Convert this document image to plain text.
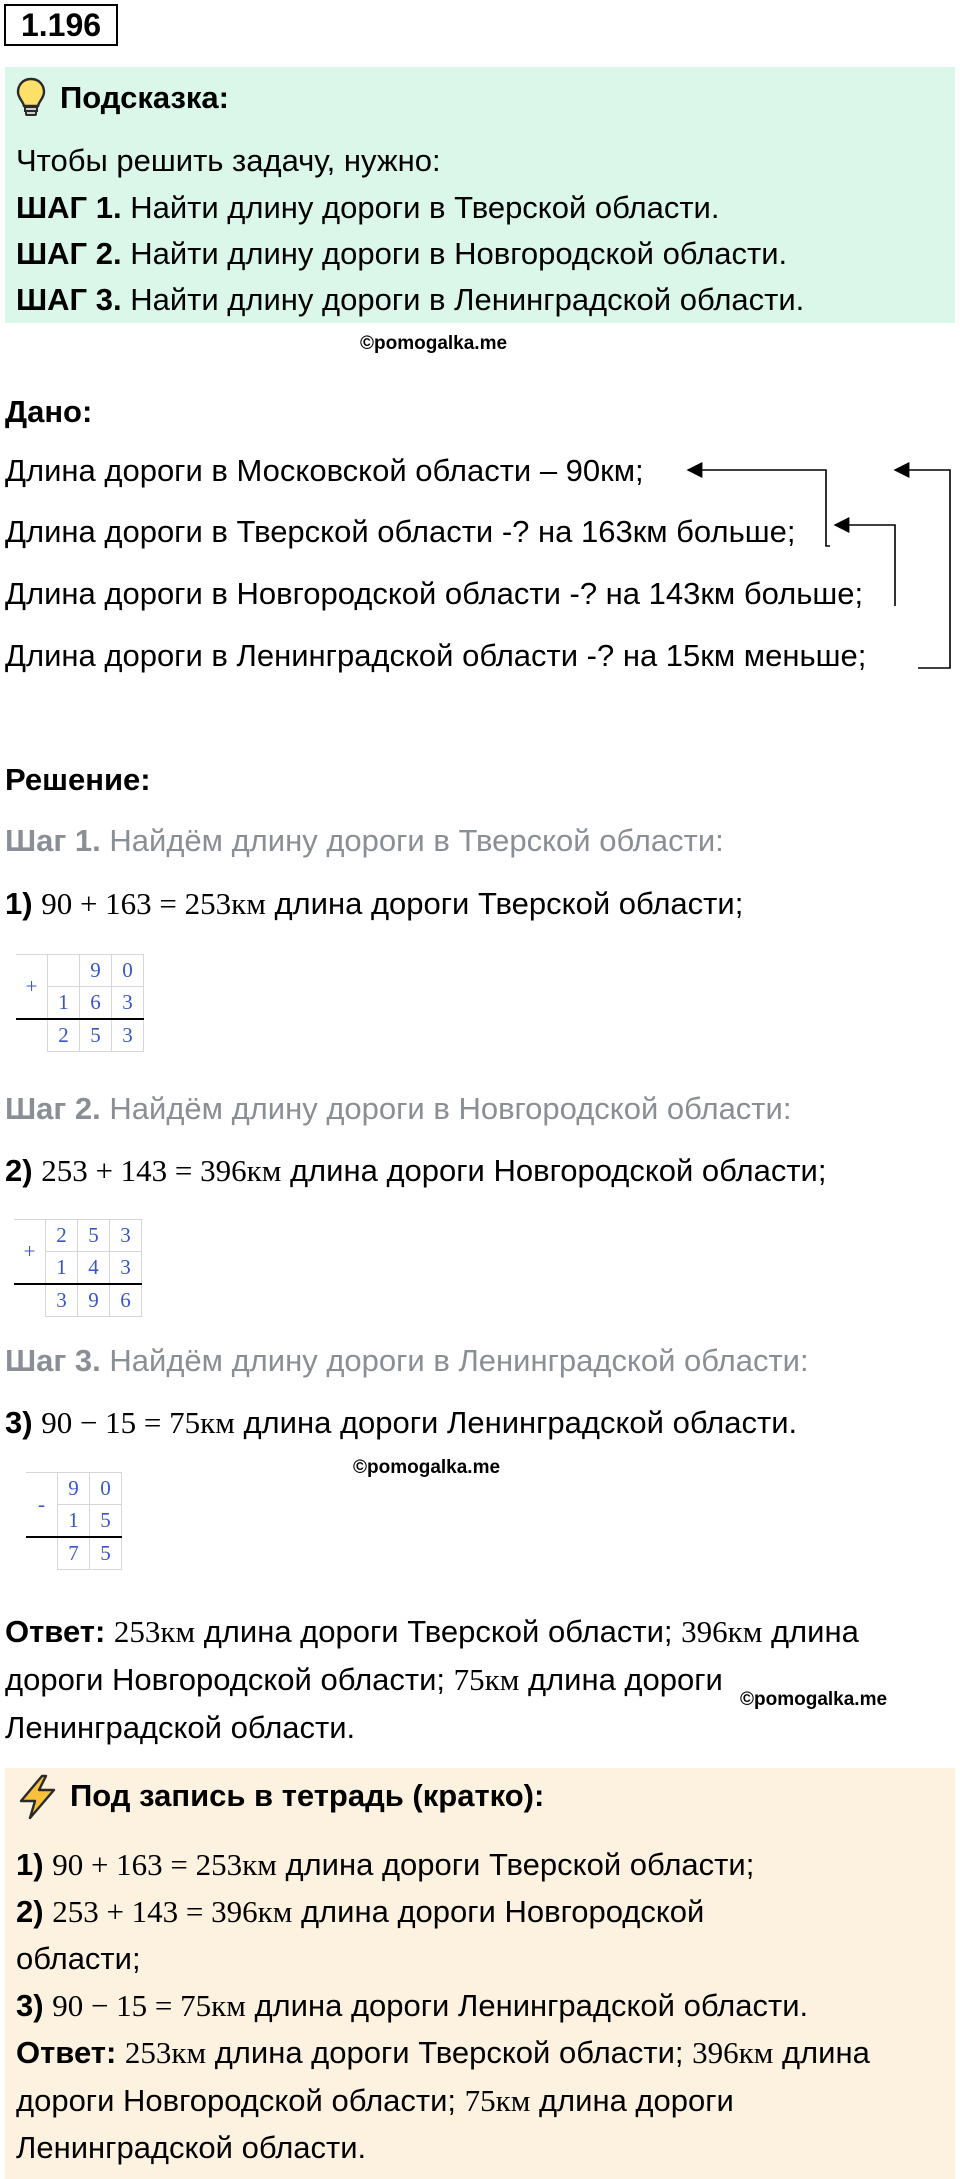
1.196
Подсказка:
Чтобы решить задачу, нужно:
ШАГ 1. Найти длину дороги в Тверской области.
ШАГ 2. Найти длину дороги в Новгородской области.
ШАГ 3. Найти длину дороги в Ленинградской области.
©pomogalka.me
Дано:
Длина дороги в Московской области – 90км;
Длина дороги в Тверской области -? на 163км больше;
Длина дороги в Новгородской области -? на 143км больше;
Длина дороги в Ленинградской области -? на 15км меньше;
Решение:
Шаг 1. Найдём длину дороги в Тверской области:
1) 90 + 163 = 253км длина дороги Тверской области;
+		9	0
	1	6	3
	2	5	3
Шаг 2. Найдём длину дороги в Новгородской области:
2) 253 + 143 = 396км длина дороги Новгородской области;
+	2	5	3
	1	4	3
	3	9	6
Шаг 3. Найдём длину дороги в Ленинградской области:
3) 90 − 15 = 75км длина дороги Ленинградской области.
©pomogalka.me
-	9	0
	1	5
	7	5
Ответ: 253км длина дороги Тверской области; 396км длина
дороги Новгородской области; 75км длина дороги
©pomogalka.me
Ленинградской области.
Под запись в тетрадь (кратко):
1) 90 + 163 = 253км длина дороги Тверской области;
2) 253 + 143 = 396км длина дороги Новгородской
области;
3) 90 − 15 = 75км длина дороги Ленинградской области.
Ответ: 253км длина дороги Тверской области; 396км длина
дороги Новгородской области; 75км длина дороги
Ленинградской области.
